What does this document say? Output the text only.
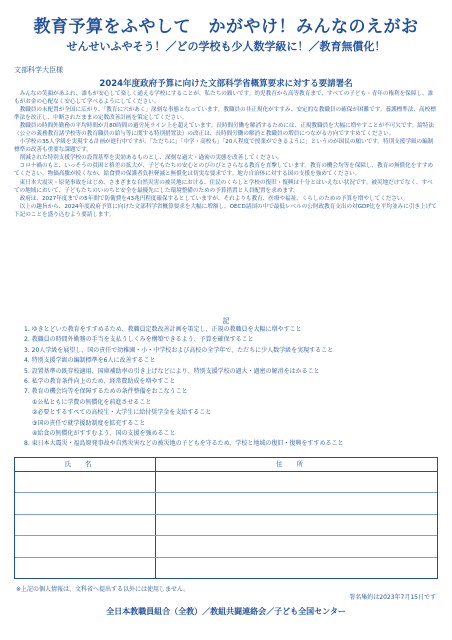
教育予算をふやして　かがやけ！みんなのえがお
せんせいふやそう！／どの学校も少人数学級に！／教育無償化！
文部科学大臣様
2024年度政府予算に向けた文部科学省概算要求に対する要請署名

みんなの笑顔があふれ、誰もが安心して楽しく通える学校にすることが、私たちの願いです。幼児教育から高等教育まで、すべての子ども・青年の権利を保障し、誰もがお金の心配なく安心して学べるようにしてください。

教職員の未配置が全国に広がり、「教育に穴があく」深刻な事態となっています。教職員の非正規化がすすみ、安定的な教職員の確保が困難です。養護標準法、高校標準法を改正し、中断されたままの定数改善計画を策定してください。

教職員の時間外勤務の平均時間が月80時間の過労死ライン上を超えています。長時間労働を解消するためには、正規教職員を大幅に増やすことが不可欠です。給特法（公立の義務教育諸学校等の教育職員の給与等に関する特別措置法）の改正は、長時間労働の解消と教職員の増員につながる方向ですすめてください。

小学校の35人学級を実現する計画が進行中ですが、「ただちに」「中学・高校も」「20人程度で授業ができるように」というのが国民の願いです。特別支援学級の編制標準の改善も重要な課題です。

削減された特別支援学校の設置基準を実効あるものとし、深刻な過大・過密の実態を改善してください。

コロナ禍のもと、いっそうの貧困と格差の拡大が、子どもたちの安心とのびのびとさらなる教育を直撃しています。教育の機会均等を保障し、教育の無償化をすすめてください。物価高騰が続くなか、給食費の保護者負担軽減と無償化は切実な要求です。地方自治体に対する国の支援を強めてください。

東日本大震災・原発事故をはじめ、さまざまな自然災害の被災地における、住民のくらしと学校の復旧・復興は十分とはいえない状況です。被災地だけでなく、すべての地域において、子どもたちのいのちと安全を最優先にした環境整備のための予算措置と人員配置を求めます。

政府は、2027年度までの5年間で防衛費を43兆円程度確保するとしていますが、それよりも教育、医療や福祉、くらしのための予算を増やしてください。

以上の趣旨から、2024年度政府予算に向けた文部科学省概算要求を大幅に増額し、OECD諸国の中で最低レベルの公財政教育支出の対GDP比を平均並みに引き上げて下記のことを盛り込むよう要請します。

記
1. ゆきとどいた教育をすすめるため、教職員定数改善計画を策定し、正規の教職員を大幅に増やすこと
2. 教職員の時間外勤務の手当を支払うしくみを構築できるよう、予算を確保すること
3. 20人学級を展望し、国の責任で幼稚園・小・中学校および高校の全学年で、ただちに少人数学級を実現すること
4. 特別支援学級の編制標準を6人に改善すること
5. 設置基準の既存校適用、国庫補助率の引き上げなどにより、特別支援学校の過大・過密の解消をはかること
6. 私学の教育条件向上のため、経常費助成を増やすこと
7. 教育の機会均等を保障するための条件整備をおこなうこと
①公私ともに学費の無償化を前進させること
②必要とするすべての高校生・大学生に給付奨学金を支給すること
③国の責任で就学援助制度を拡充すること
④給食の無償化がすすむよう、国の支援を強めること
8. 東日本大震災・福島原発事故や自然災害などの被災地の子どもを守るため、学校と地域の復旧・復興をすすめること
氏名	住所
※上記の個人情報は、文科省へ提出する以外には使用しません。
署名集約は2023年7月15日です
全日本教職員組合（全教）／教組共闘連絡会／子ども全国センター
